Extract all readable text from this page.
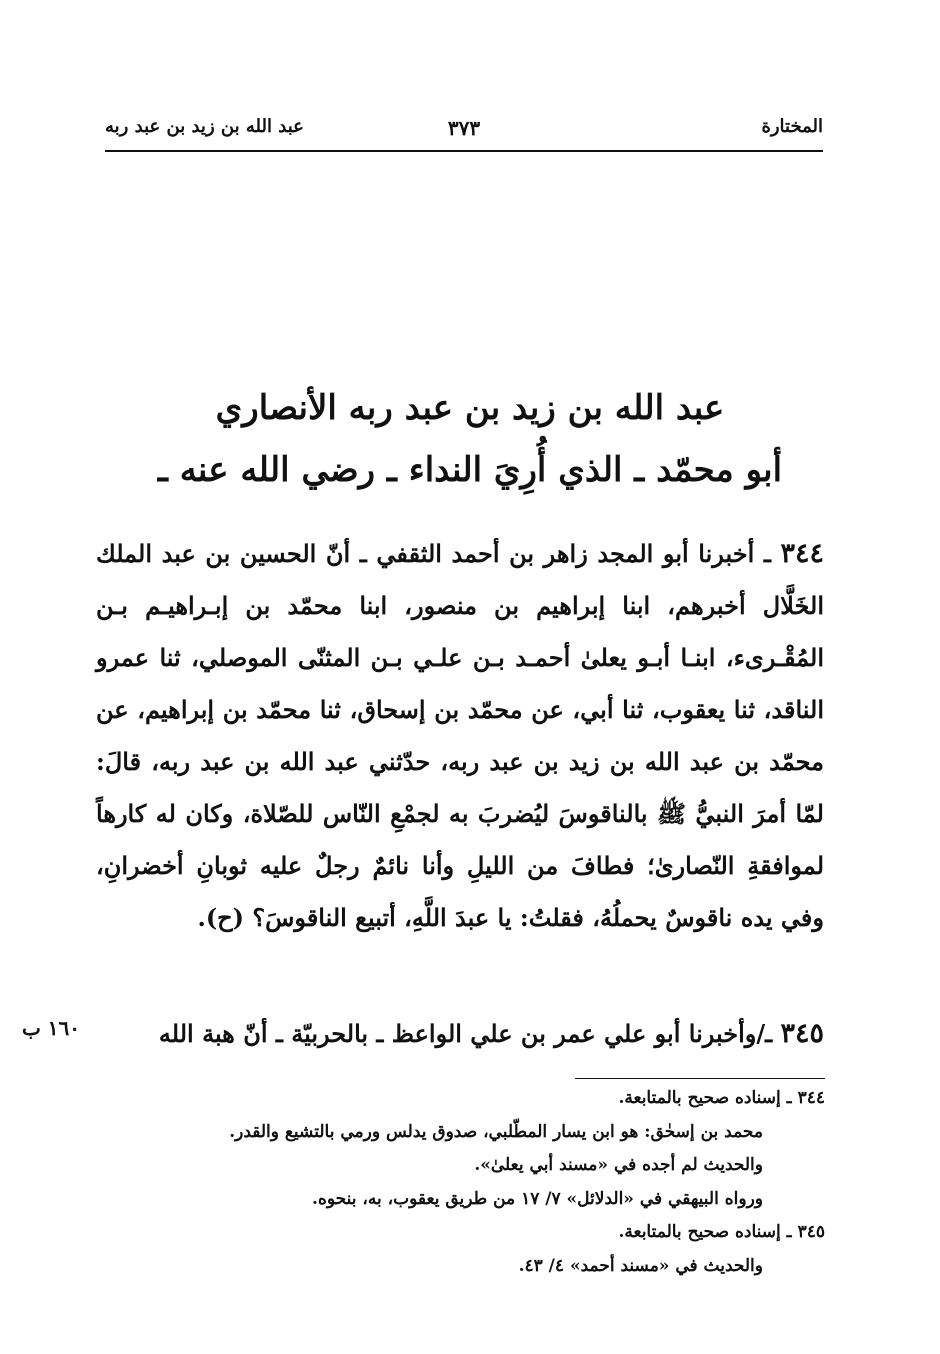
المختارة
٣٧٣
عبد الله بن زيد بن عبد ربه
عبد الله بن زيد بن عبد ربه الأنصاري
أبو محمّد ـ الذي أُرِيَ النداء ـ رضي الله عنه ـ

٣٤٤ ـ أخبرنا أبو المجد زاهر بن أحمد الثقفي ـ أنّ الحسين بن عبد الملك الخَلَّال أخبرهم، ابنا إبراهيم بن منصور، ابنا محمّد بن إبـراهيـم بـن المُقْـرىء، ابنـا أبـو يعلىٰ أحمـد بـن علـي بـن المثنّى الموصلي، ثنا عمرو الناقد، ثنا يعقوب، ثنا أبي، عن محمّد بن إسحاق، ثنا محمّد بن إبراهيم، عن محمّد بن عبد الله بن زيد بن عبد ربه، حدّثني عبد الله بن عبد ربه، قالَ: لمّا أمرَ النبيُّ ﷺ بالناقوسَ ليُضربَ به لجمْعِ النّاس للصّلاة، وكان له كارهاً لموافقةِ النّصارىٰ؛ فطافَ من الليلِ وأنا نائمٌ رجلٌ عليه ثوبانِ أخضرانِ، وفي يده ناقوسٌ يحملُهُ، فقلتُ: يا عبدَ اللَّهِ، أتبيع الناقوسَ؟ (ح).

٣٤٥ ـ/وأخبرنا أبو علي عمر بن علي الواعظ ـ بالحربيّة ـ أنّ هبة الله
١٦٠ ب

٣٤٤ ـ إسناده صحيح بالمتابعة.

محمد بن إسحٰق: هو ابن يسار المطّلبي، صدوق يدلس ورمي بالتشيع والقدر.

والحديث لم أجده في «مسند أبي يعلىٰ».

ورواه البيهقي في «الدلائل» ٧/ ١٧ من طريق يعقوب، به، بنحوه.

٣٤٥ ـ إسناده صحيح بالمتابعة.

والحديث في «مسند أحمد» ٤/ ٤٣.
